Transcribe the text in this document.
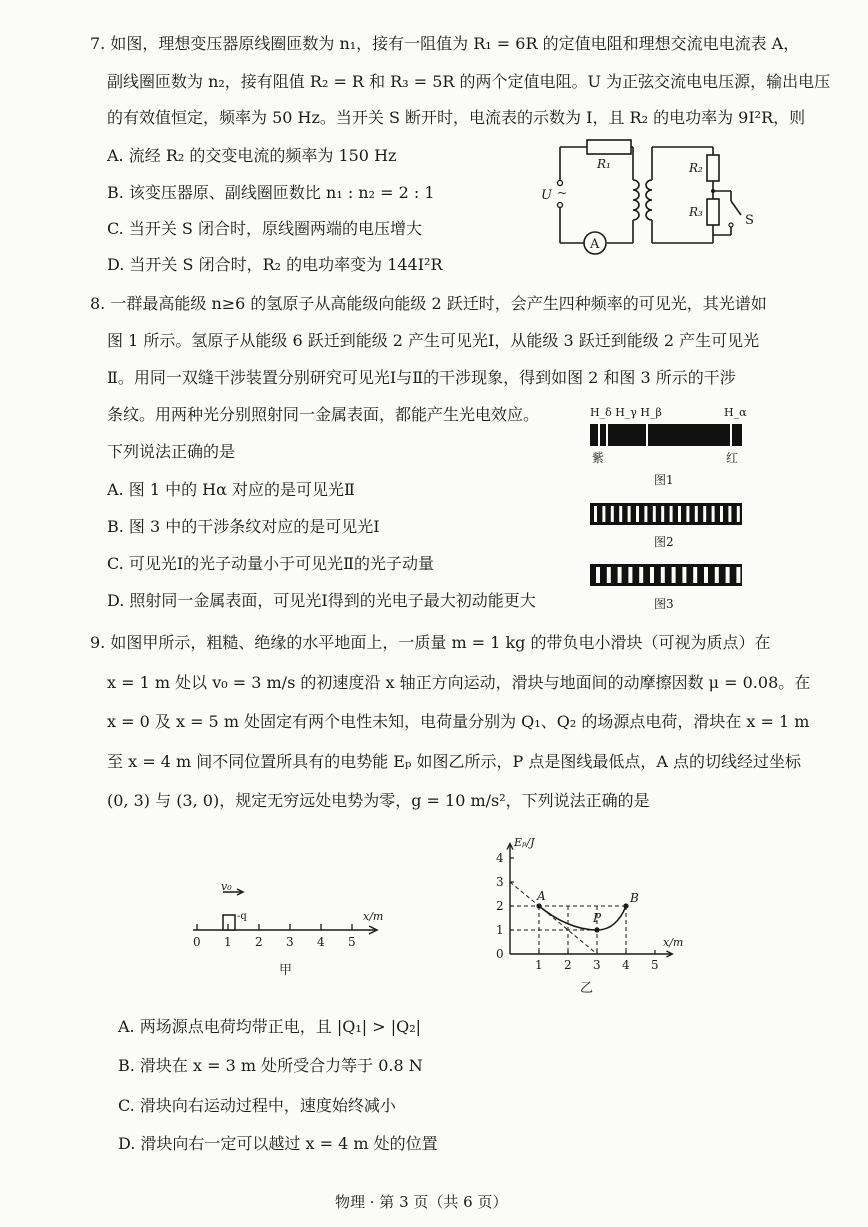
7. 如图，理想变压器原线圈匝数为 n₁，接有一阻值为 R₁ = 6R 的定值电阻和理想交流电电流表 A，
副线圈匝数为 n₂，接有阻值 R₂ = R 和 R₃ = 5R 的两个定值电阻。U 为正弦交流电电压源，输出电压
的有效值恒定，频率为 50 Hz。当开关 S 断开时，电流表的示数为 I，且 R₂ 的电功率为 9I²R，则
A. 流经 R₂ 的交变电流的频率为 150 Hz
B. 该变压器原、副线圈匝数比 n₁ : n₂ = 2 : 1
C. 当开关 S 闭合时，原线圈两端的电压增大
D. 当开关 S 闭合时，R₂ 的电功率变为 144I²R
~
R₁	R₂
R₃
U
A
S
8. 一群最高能级 n≥6 的氢原子从高能级向能级 2 跃迁时，会产生四种频率的可见光，其光谱如
图 1 所示。氢原子从能级 6 跃迁到能级 2 产生可见光Ⅰ，从能级 3 跃迁到能级 2 产生可见光
Ⅱ。用同一双缝干涉装置分别研究可见光Ⅰ与Ⅱ的干涉现象，得到如图 2 和图 3 所示的干涉
条纹。用两种光分别照射同一金属表面，都能产生光电效应。
下列说法正确的是
A. 图 1 中的 Hα 对应的是可见光Ⅱ
B. 图 3 中的干涉条纹对应的是可见光Ⅰ
C. 可见光Ⅰ的光子动量小于可见光Ⅱ的光子动量
D. 照射同一金属表面，可见光Ⅰ得到的光电子最大初动能更大
H_δ H_γ H_β	H_α
紫	红
图1
图2
图3
9. 如图甲所示，粗糙、绝缘的水平地面上，一质量 m = 1 kg 的带负电小滑块（可视为质点）在
x = 1 m 处以 v₀ = 3 m/s 的初速度沿 x 轴正方向运动，滑块与地面间的动摩擦因数 μ = 0.08。在
x = 0 及 x = 5 m 处固定有两个电性未知，电荷量分别为 Q₁、Q₂ 的场源点电荷，滑块在 x = 1 m
至 x = 4 m 间不同位置所具有的电势能 Eₚ 如图乙所示，P 点是图线最低点，A 点的切线经过坐标
(0, 3) 与 (3, 0)，规定无穷远处电势为零，g = 10 m/s²，下列说法正确的是
0 1 2 3 4 5
v₀
-q	x/m
甲
0
1
2
3
4
1 2 3 4 5
A
P
B
Eₚ/J
x/m
乙
A. 两场源点电荷均带正电，且 |Q₁| > |Q₂|
B. 滑块在 x = 3 m 处所受合力等于 0.8 N
C. 滑块向右运动过程中，速度始终减小
D. 滑块向右一定可以越过 x = 4 m 处的位置
物理 · 第 3 页（共 6 页）
